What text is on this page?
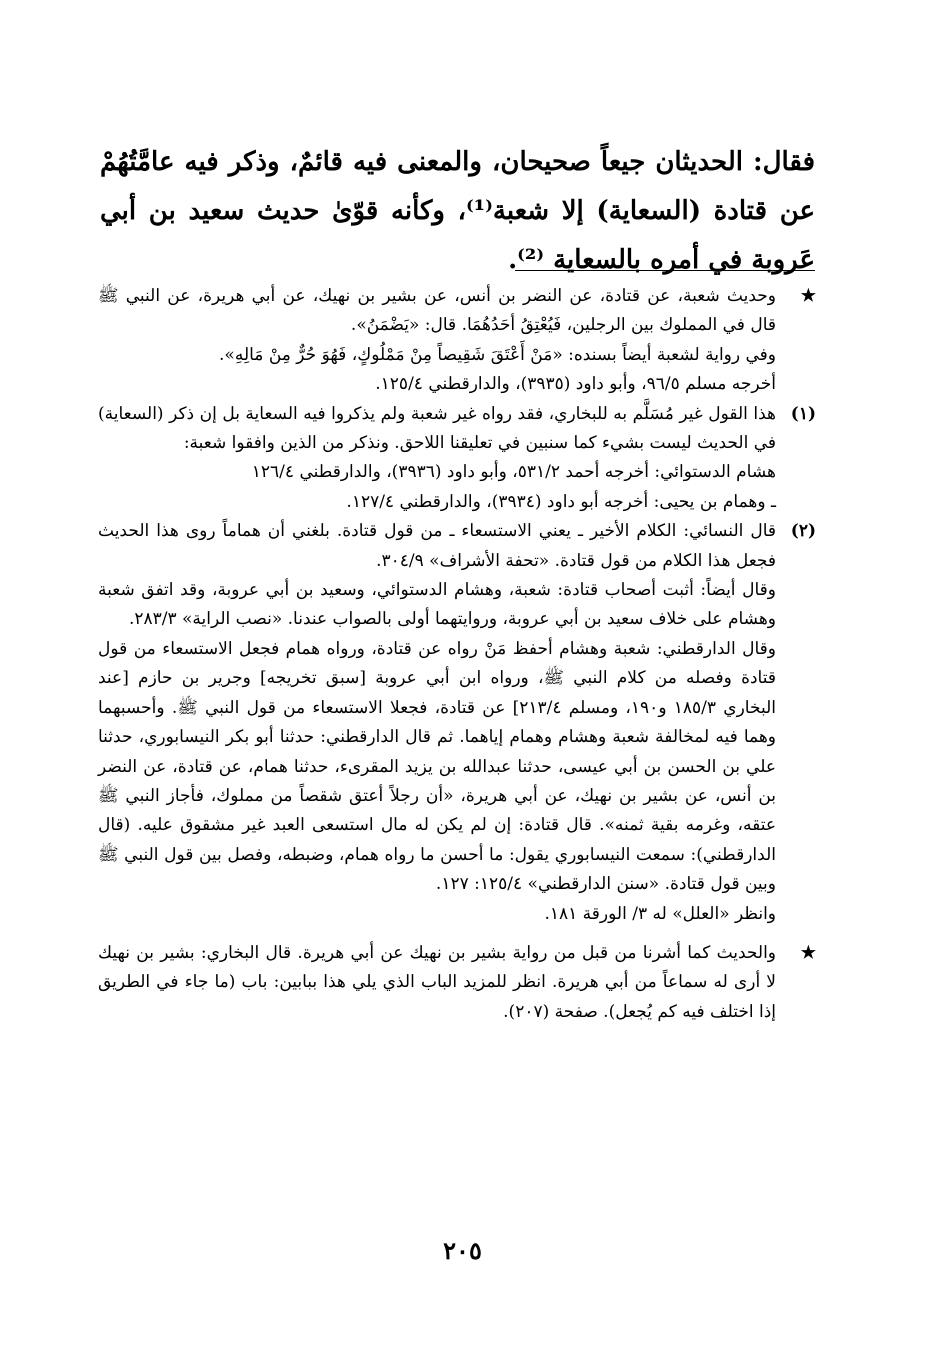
فقال: الحديثان جيعاً صحيحان، والمعنى فيه قائمٌ، وذكر فيه عامَّتُهُمْ عن قتادة (السعاية) إلا شعبة⁽¹⁾، وكأنه قوّىٰ حديث سعيد بن أبي عَروبة في أمره بالسعاية ⁽²⁾.

★

وحديث شعبة، عن قتادة، عن النضر بن أنس، عن بشير بن نهيك، عن أبي هريرة، عن النبي ﷺ قال في المملوك بين الرجلين، فَيُعْتِقُ أحَدُهُمَا. قال: «يَضْمَنُ».

وفي رواية لشعبة أيضاً بسنده: «مَنْ أَعْتَقَ شَقِيصاً مِنْ مَمْلُوكٍ، فَهُوَ حُرٌّ مِنْ مَالِهِ».

أخرجه مسلم ٩٦/٥، وأبو داود (٣٩٣٥)، والدارقطني ١٢٥/٤.

(١)

هذا القول غير مُسَلَّم به للبخاري، فقد رواه غير شعبة ولم يذكروا فيه السعاية بل إن ذكر (السعاية) في الحديث ليست بشيء كما سنبين في تعليقنا اللاحق. ونذكر من الذين وافقوا شعبة:

هشام الدستوائي: أخرجه أحمد ٥٣١/٢، وأبو داود (٣٩٣٦)، والدارقطني ١٢٦/٤

ـ وهمام بن يحيى: أخرجه أبو داود (٣٩٣٤)، والدارقطني ١٢٧/٤.

(٢)

قال النسائي: الكلام الأخير ـ يعني الاستسعاء ـ من قول قتادة. بلغني أن هماماً روى هذا الحديث فجعل هذا الكلام من قول قتادة. «تحفة الأشراف» ٣٠٤/٩.

وقال أيضاً: أثبت أصحاب قتادة: شعبة، وهشام الدستوائي، وسعيد بن أبي عروبة، وقد اتفق شعبة وهشام على خلاف سعيد بن أبي عروبة، وروايتهما أولى بالصواب عندنا. «نصب الراية» ٢٨٣/٣.

وقال الدارقطني: شعبة وهشام أحفظ مَنْ رواه عن قتادة، ورواه همام فجعل الاستسعاء من قول قتادة وفصله من كلام النبي ﷺ، ورواه ابن أبي عروبة [سبق تخريجه] وجرير بن حازم [عند البخاري ١٨٥/٣ و١٩٠، ومسلم ٢١٣/٤] عن قتادة، فجعلا الاستسعاء من قول النبي ﷺ. وأحسبهما وهما فيه لمخالفة شعبة وهشام وهمام إياهما. ثم قال الدارقطني: حدثنا أبو بكر النيسابوري، حدثنا علي بن الحسن بن أبي عيسى، حدثنا عبدالله بن يزيد المقرىء، حدثنا همام، عن قتادة، عن النضر بن أنس، عن بشير بن نهيك، عن أبي هريرة، «أن رجلاً أعتق شقصاً من مملوك، فأجاز النبي ﷺ عتقه، وغرمه بقية ثمنه». قال قتادة: إن لم يكن له مال استسعى العبد غير مشقوق عليه. (قال الدارقطني): سمعت النيسابوري يقول: ما أحسن ما رواه همام، وضبطه، وفصل بين قول النبي ﷺ وبين قول قتادة. «سنن الدارقطني» ١٢٥/٤: ١٢٧.

وانظر «العلل» له ٣/ الورقة ١٨١.

★

والحديث كما أشرنا من قبل من رواية بشير بن نهيك عن أبي هريرة. قال البخاري: بشير بن نهيك لا أرى له سماعاً من أبي هريرة. انظر للمزيد الباب الذي يلي هذا ببابين: باب (ما جاء في الطريق إذا اختلف فيه كم يُجعل). صفحة (٢٠٧).

٢٠٥
